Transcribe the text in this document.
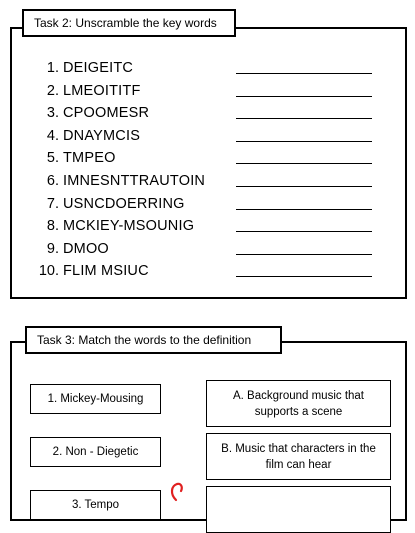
Task 2: Unscramble the key words
1. DEIGEITC
2. LMEOITITF
3. CPOOMESR
4. DNAYMCIS
5. TMPEO
6. IMNESNTTRAUTOIN
7. USNCDOERRING
8. MCKIEY-MSOUNIG
9. DMOO
10. FLIM MSIUC
Task 3: Match the words to the definition
1. Mickey-Mousing
2. Non - Diegetic
3. Tempo
A. Background music that supports a scene
B. Music that characters in the film can hear
